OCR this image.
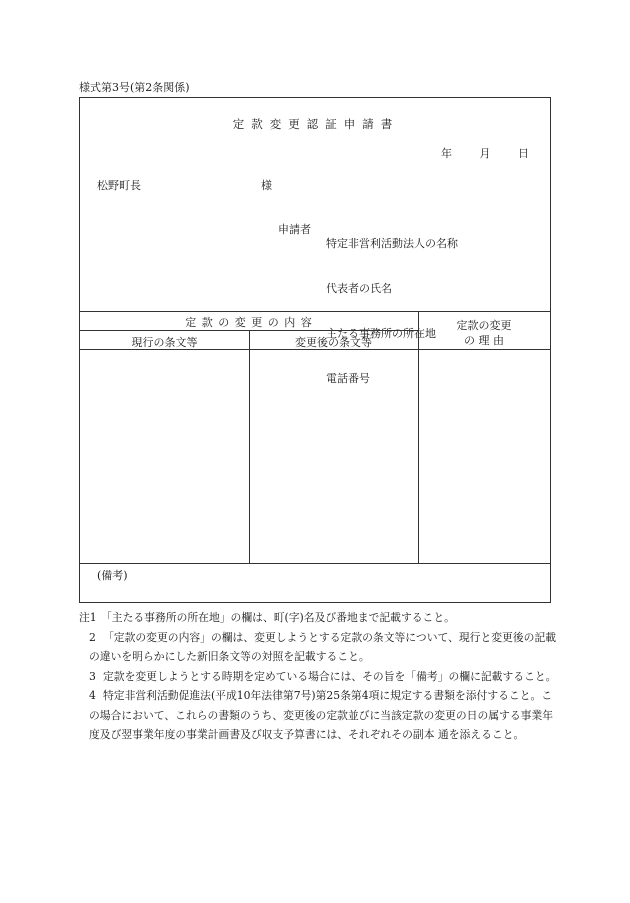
様式第3号(第2条関係)
定款変更認証申請書
年 月 日
松野町長	様
申請者

特定非営利活動法人の名称

代表者の氏名

主たる事務所の所在地

電話番号

定 款 の 変 更 の 内 容
現行の条文等	変更後の条文等
定款の変更
の 理 由
(備考)
注1 「主たる事務所の所在地」の欄は、町(字)名及び番地まで記載すること。
2 「定款の変更の内容」の欄は、変更しようとする定款の条文等について、現行と変更後の記載の違いを明らかにした新旧条文等の対照を記載すること。
3 定款を変更しようとする時期を定めている場合には、その旨を「備考」の欄に記載すること。
4 特定非営利活動促進法(平成10年法律第7号)第25条第4項に規定する書類を添付すること。この場合において、これらの書類のうち、変更後の定款並びに当該定款の変更の日の属する事業年度及び翌事業年度の事業計画書及び収支予算書には、それぞれその副本 通を添えること。
